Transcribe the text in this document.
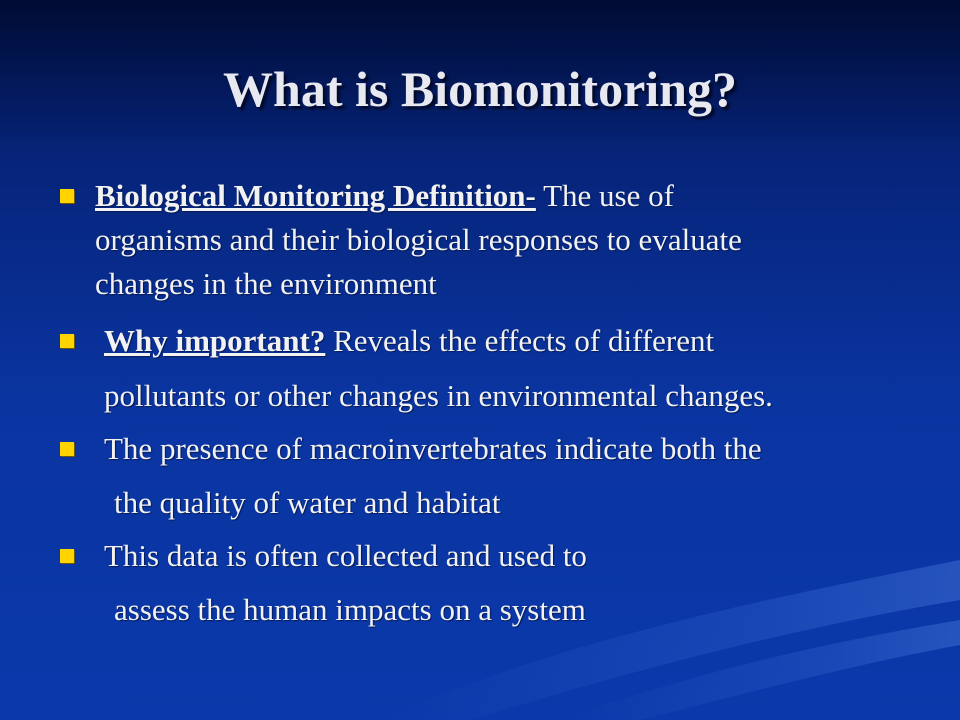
What is Biomonitoring?
Biological Monitoring Definition- The use of
organisms and their biological responses to evaluate
changes in the environment
Why important? Reveals the effects of different
pollutants or other changes in environmental changes.
The presence of macroinvertebrates indicate both the
the quality of water and habitat
This data is often collected and used to
assess the human impacts on a system
